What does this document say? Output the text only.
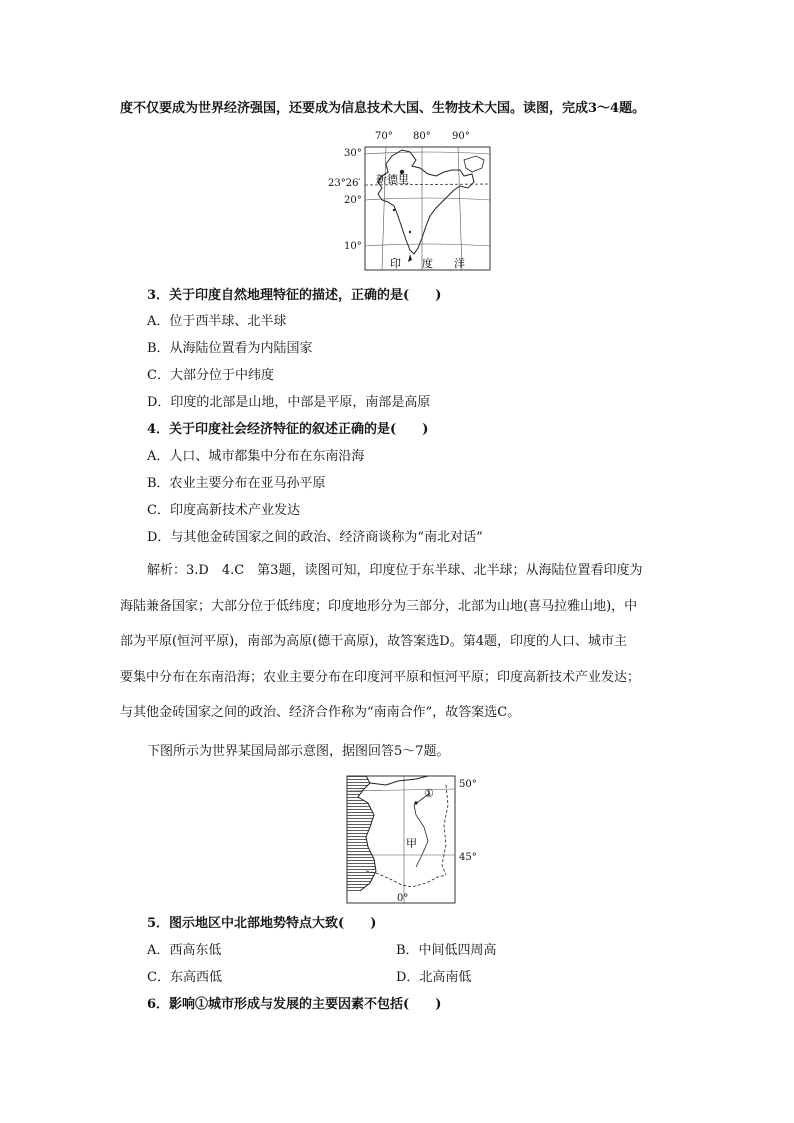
度不仅要成为世界经济强国，还要成为信息技术大国、生物技术大国。读图，完成3～4题。
新德里
印 度 洋
70° 80° 90°
30°
23°26′
20°
10°
3．关于印度自然地理特征的描述，正确的是(　　)
A．位于西半球、北半球
B．从海陆位置看为内陆国家
C．大部分位于中纬度
D．印度的北部是山地，中部是平原，南部是高原
4．关于印度社会经济特征的叙述正确的是(　　)
A．人口、城市都集中分布在东南沿海
B．农业主要分布在亚马孙平原
C．印度高新技术产业发达
D．与其他金砖国家之间的政治、经济商谈称为“南北对话”
解析：3.D　4.C　第3题，读图可知，印度位于东半球、北半球；从海陆位置看印度为
海陆兼备国家；大部分位于低纬度；印度地形分为三部分，北部为山地(喜马拉雅山地)，中
部为平原(恒河平原)，南部为高原(德干高原)，故答案选D。第4题，印度的人口、城市主
要集中分布在东南沿海；农业主要分布在印度河平原和恒河平原；印度高新技术产业发达；
与其他金砖国家之间的政治、经济合作称为“南南合作”，故答案选C。
下图所示为世界某国局部示意图，据图回答5～7题。
①
甲
50°
45°
0°
5．图示地区中北部地势特点大致(　　)
A．西高东低	B．中间低四周高
C．东高西低	D．北高南低
6．影响①城市形成与发展的主要因素不包括(　　)
